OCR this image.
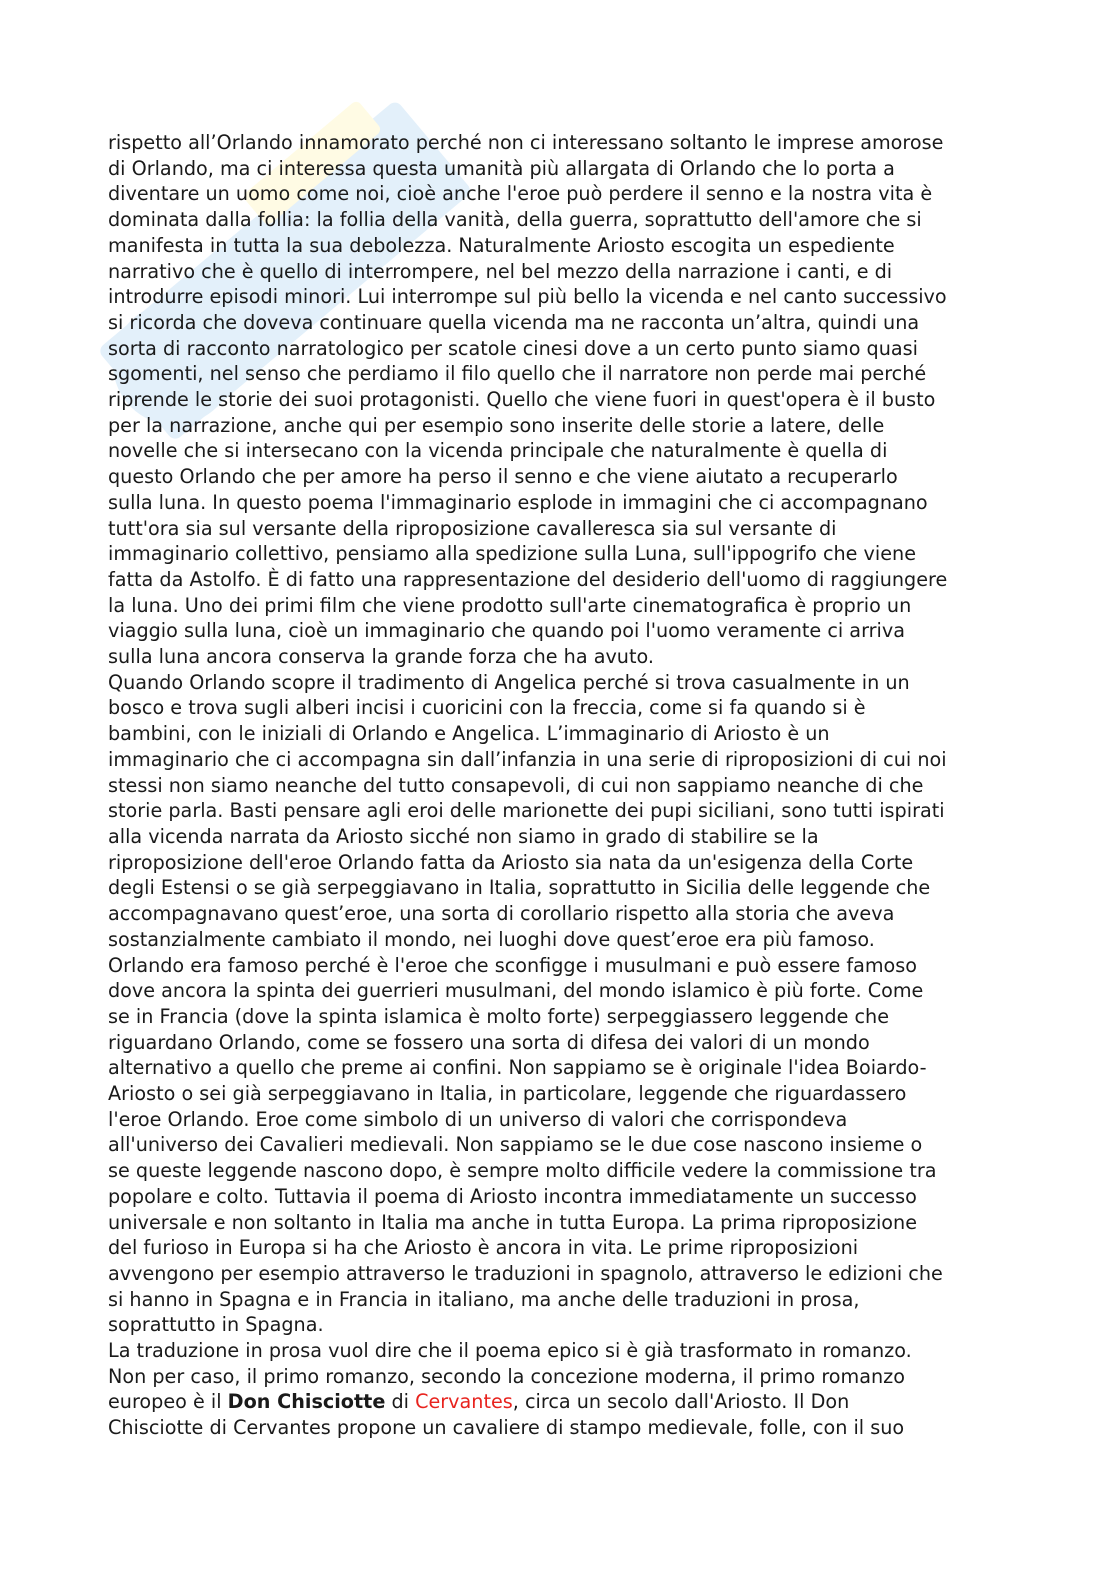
rispetto all’Orlando innamorato perché non ci interessano soltanto le imprese amorose
di Orlando, ma ci interessa questa umanità più allargata di Orlando che lo porta a
diventare un uomo come noi, cioè anche l'eroe può perdere il senno e la nostra vita è
dominata dalla follia: la follia della vanità, della guerra, soprattutto dell'amore che si
manifesta in tutta la sua debolezza. Naturalmente Ariosto escogita un espediente
narrativo che è quello di interrompere, nel bel mezzo della narrazione i canti, e di
introdurre episodi minori. Lui interrompe sul più bello la vicenda e nel canto successivo
si ricorda che doveva continuare quella vicenda ma ne racconta un’altra, quindi una
sorta di racconto narratologico per scatole cinesi dove a un certo punto siamo quasi
sgomenti, nel senso che perdiamo il filo quello che il narratore non perde mai perché
riprende le storie dei suoi protagonisti. Quello che viene fuori in quest'opera è il busto
per la narrazione, anche qui per esempio sono inserite delle storie a latere, delle
novelle che si intersecano con la vicenda principale che naturalmente è quella di
questo Orlando che per amore ha perso il senno e che viene aiutato a recuperarlo
sulla luna. In questo poema l'immaginario esplode in immagini che ci accompagnano
tutt'ora sia sul versante della riproposizione cavalleresca sia sul versante di
immaginario collettivo, pensiamo alla spedizione sulla Luna, sull'ippogrifo che viene
fatta da Astolfo. È di fatto una rappresentazione del desiderio dell'uomo di raggiungere
la luna. Uno dei primi film che viene prodotto sull'arte cinematografica è proprio un
viaggio sulla luna, cioè un immaginario che quando poi l'uomo veramente ci arriva
sulla luna ancora conserva la grande forza che ha avuto.
Quando Orlando scopre il tradimento di Angelica perché si trova casualmente in un
bosco e trova sugli alberi incisi i cuoricini con la freccia, come si fa quando si è
bambini, con le iniziali di Orlando e Angelica. L’immaginario di Ariosto è un
immaginario che ci accompagna sin dall’infanzia in una serie di riproposizioni di cui noi
stessi non siamo neanche del tutto consapevoli, di cui non sappiamo neanche di che
storie parla. Basti pensare agli eroi delle marionette dei pupi siciliani, sono tutti ispirati
alla vicenda narrata da Ariosto sicché non siamo in grado di stabilire se la
riproposizione dell'eroe Orlando fatta da Ariosto sia nata da un'esigenza della Corte
degli Estensi o se già serpeggiavano in Italia, soprattutto in Sicilia delle leggende che
accompagnavano quest’eroe, una sorta di corollario rispetto alla storia che aveva
sostanzialmente cambiato il mondo, nei luoghi dove quest’eroe era più famoso.
Orlando era famoso perché è l'eroe che sconfigge i musulmani e può essere famoso
dove ancora la spinta dei guerrieri musulmani, del mondo islamico è più forte. Come
se in Francia (dove la spinta islamica è molto forte) serpeggiassero leggende che
riguardano Orlando, come se fossero una sorta di difesa dei valori di un mondo
alternativo a quello che preme ai confini. Non sappiamo se è originale l'idea Boiardo-
Ariosto o sei già serpeggiavano in Italia, in particolare, leggende che riguardassero
l'eroe Orlando. Eroe come simbolo di un universo di valori che corrispondeva
all'universo dei Cavalieri medievali. Non sappiamo se le due cose nascono insieme o
se queste leggende nascono dopo, è sempre molto difficile vedere la commissione tra
popolare e colto. Tuttavia il poema di Ariosto incontra immediatamente un successo
universale e non soltanto in Italia ma anche in tutta Europa. La prima riproposizione
del furioso in Europa si ha che Ariosto è ancora in vita. Le prime riproposizioni
avvengono per esempio attraverso le traduzioni in spagnolo, attraverso le edizioni che
si hanno in Spagna e in Francia in italiano, ma anche delle traduzioni in prosa,
soprattutto in Spagna.
La traduzione in prosa vuol dire che il poema epico si è già trasformato in romanzo.
Non per caso, il primo romanzo, secondo la concezione moderna, il primo romanzo
europeo è il Don Chisciotte di Cervantes, circa un secolo dall'Ariosto. Il Don
Chisciotte di Cervantes propone un cavaliere di stampo medievale, folle, con il suo
